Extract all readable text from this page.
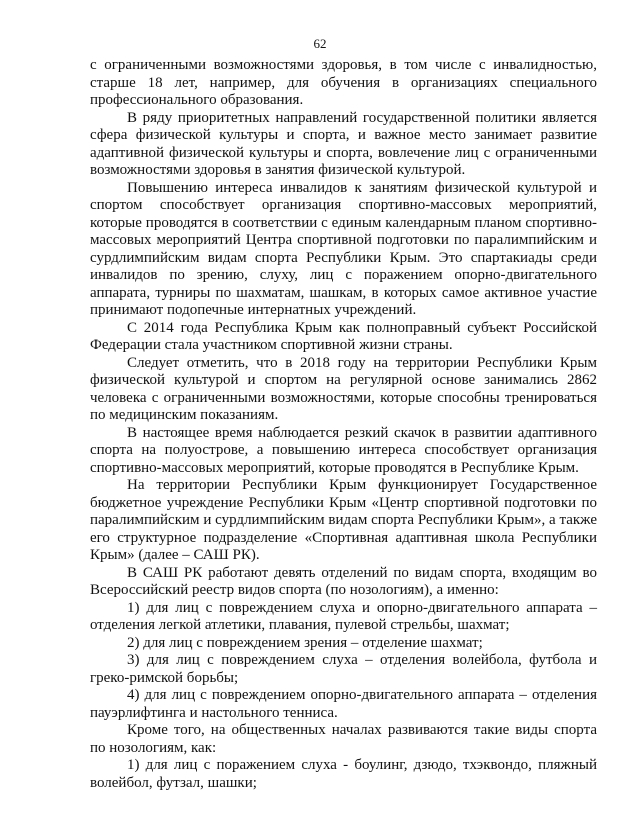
62

с ограниченными возможностями здоровья, в том числе с инвалидностью, старше 18 лет, например, для обучения в организациях специального профессионального образования.

В ряду приоритетных направлений государственной политики является сфера физической культуры и спорта, и важное место занимает развитие адаптивной физической культуры и спорта, вовлечение лиц с ограниченными возможностями здоровья в занятия физической культурой.

Повышению интереса инвалидов к занятиям физической культурой и спортом способствует организация спортивно-массовых мероприятий, которые проводятся в соответствии с единым календарным планом спортивно-массовых мероприятий Центра спортивной подготовки по паралимпийским и сурдлимпийским видам спорта Республики Крым. Это спартакиады среди инвалидов по зрению, слуху, лиц с поражением опорно-двигательного аппарата, турниры по шахматам, шашкам, в которых самое активное участие принимают подопечные интернатных учреждений.

С 2014 года Республика Крым как полноправный субъект Российской Федерации стала участником спортивной жизни страны.

Следует отметить, что в 2018 году на территории Республики Крым физической культурой и спортом на регулярной основе занимались 2862 человека с ограниченными возможностями, которые способны тренироваться по медицинским показаниям.

В настоящее время наблюдается резкий скачок в развитии адаптивного спорта на полуострове, а повышению интереса способствует организация спортивно-массовых мероприятий, которые проводятся в Республике Крым.

На территории Республики Крым функционирует Государственное бюджетное учреждение Республики Крым «Центр спортивной подготовки по паралимпийским и сурдлимпийским видам спорта Республики Крым», а также его структурное подразделение «Спортивная адаптивная школа Республики Крым» (далее – САШ РК).

В САШ РК работают девять отделений по видам спорта, входящим во Всероссийский реестр видов спорта (по нозологиям), а именно:

1) для лиц с повреждением слуха и опорно-двигательного аппарата – отделения легкой атлетики, плавания, пулевой стрельбы, шахмат;

2) для лиц с повреждением зрения – отделение шахмат;

3) для лиц с повреждением слуха – отделения волейбола, футбола и греко-римской борьбы;

4) для лиц с повреждением опорно-двигательного аппарата – отделения пауэрлифтинга и настольного тенниса.

Кроме того, на общественных началах развиваются такие виды спорта по нозологиям, как:

1) для лиц с поражением слуха - боулинг, дзюдо, тхэквондо, пляжный волейбол, футзал, шашки;
